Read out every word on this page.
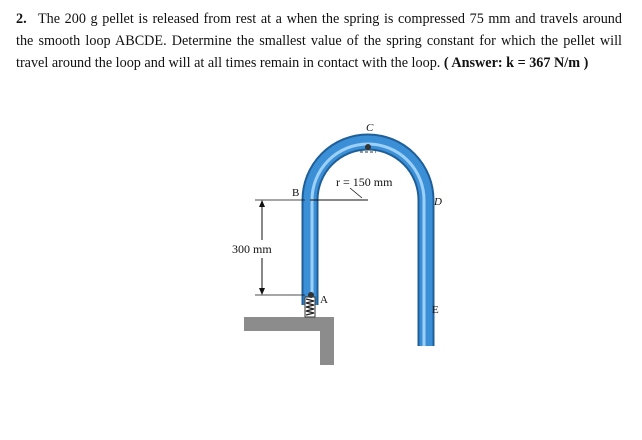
2. The 200 g pellet is released from rest at a when the spring is compressed 75 mm and travels around the smooth loop ABCDE. Determine the smallest value of the spring constant for which the pellet will travel around the loop and will at all times remain in contact with the loop. ( Answer: k = 367 N/m )
A
B
C
D
E
r = 150 mm
300 mm
